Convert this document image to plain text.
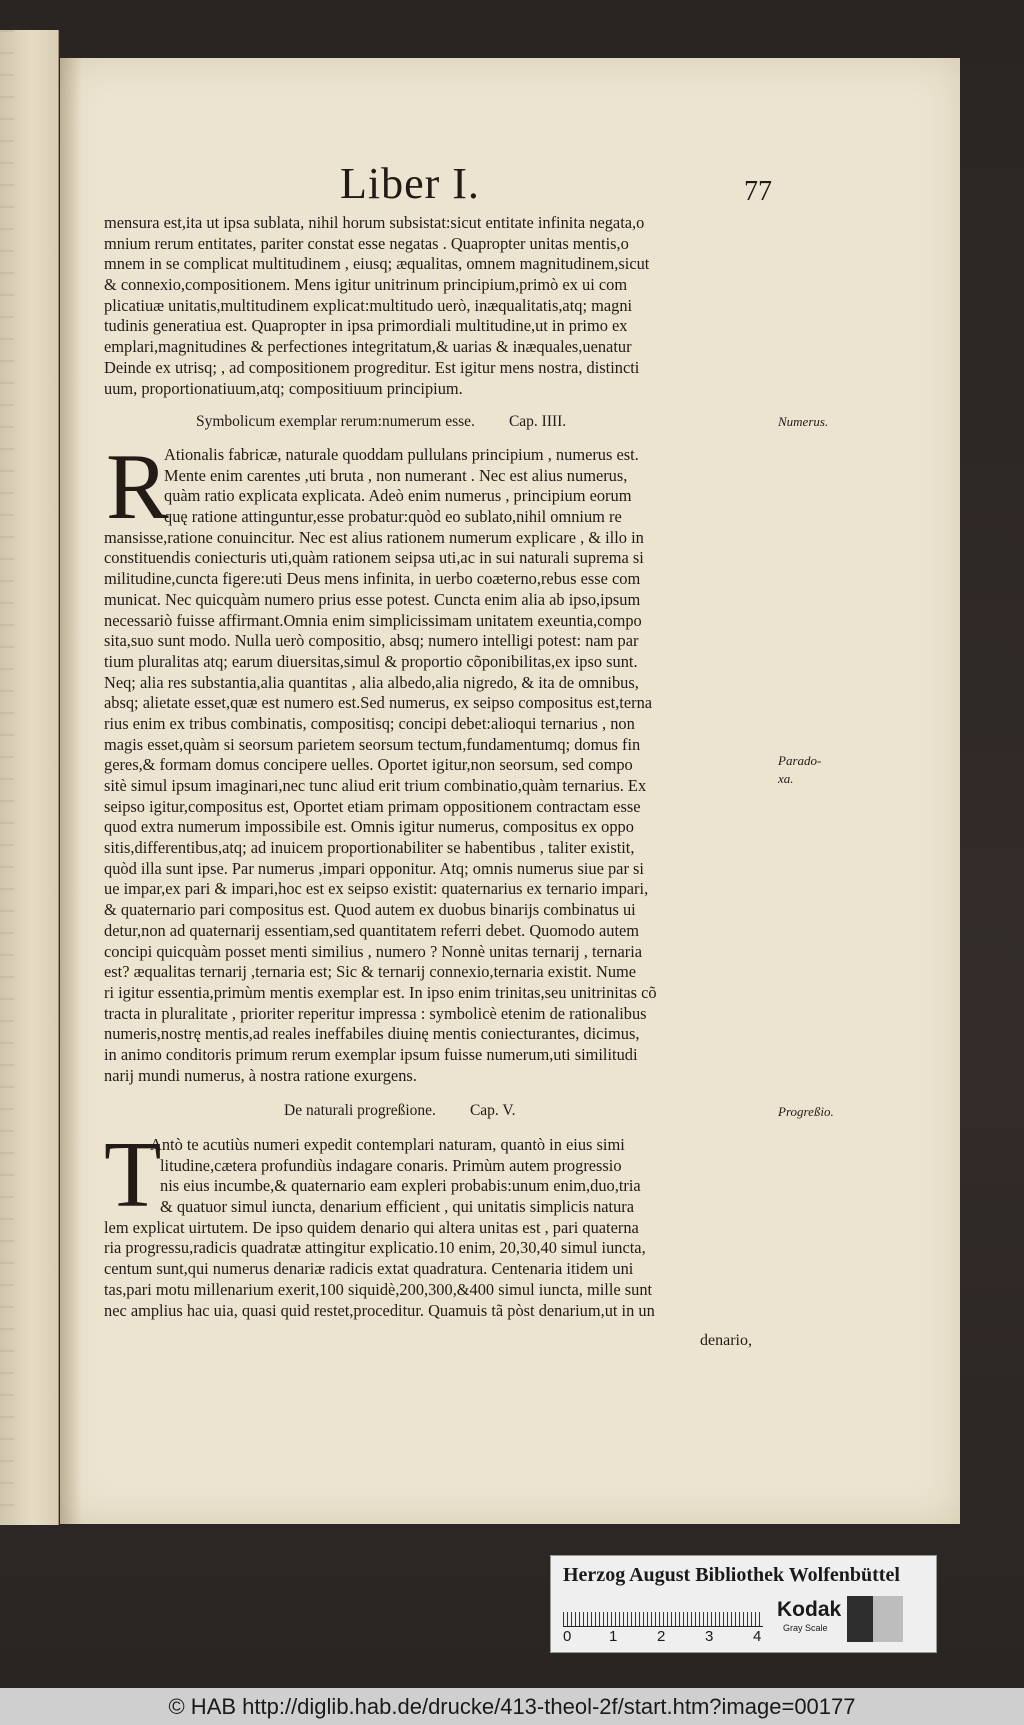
Liber I.	77
mensura est,ita ut ipsa sublata, nihil horum subsistat:sicut entitate infinita negata,o
mnium rerum entitates, pariter constat esse negatas . Quapropter unitas mentis,o
mnem in se complicat multitudinem , eiusq; æqualitas, omnem magnitudinem,sicut
& connexio,compositionem. Mens igitur unitrinum principium,primò ex ui com
plicatiuæ unitatis,multitudinem explicat:multitudo uerò, inæqualitatis,atq; magni
tudinis generatiua est. Quapropter in ipsa primordiali multitudine,ut in primo ex
emplari,magnitudines & perfectiones integritatum,& uarias & inæquales,uenatur
Deinde ex utrisq; , ad compositionem progreditur. Est igitur mens nostra, distincti
uum, proportionatiuum,atq; compositiuum principium.
Symbolicum exemplar rerum:numerum esse. Cap. IIII.	Numerus.
R
Ationalis fabricæ, naturale quoddam pullulans principium , numerus est.
Mente enim carentes ,uti bruta , non numerant . Nec est alius numerus,
quàm ratio explicata explicata. Adeò enim numerus , principium eorum
quę ratione attinguntur,esse probatur:quòd eo sublato,nihil omnium re
mansisse,ratione conuincitur. Nec est alius rationem numerum explicare , & illo in
constituendis coniecturis uti,quàm rationem seipsa uti,ac in sui naturali suprema si
militudine,cuncta figere:uti Deus mens infinita, in uerbo coæterno,rebus esse com
municat. Nec quicquàm numero prius esse potest. Cuncta enim alia ab ipso,ipsum
necessariò fuisse affirmant.Omnia enim simplicissimam unitatem exeuntia,compo
sita,suo sunt modo. Nulla uerò compositio, absq; numero intelligi potest: nam par
tium pluralitas atq; earum diuersitas,simul & proportio cõponibilitas,ex ipso sunt.
Neq; alia res substantia,alia quantitas , alia albedo,alia nigredo, & ita de omnibus,
absq; alietate esset,quæ est numero est.Sed numerus, ex seipso compositus est,terna
rius enim ex tribus combinatis, compositisq; concipi debet:alioqui ternarius , non
magis esset,quàm si seorsum parietem seorsum tectum,fundamentumq; domus fin
geres,& formam domus concipere uelles. Oportet igitur,non seorsum, sed compo
sitè simul ipsum imaginari,nec tunc aliud erit trium combinatio,quàm ternarius. Ex
seipso igitur,compositus est, Oportet etiam primam oppositionem contractam esse
quod extra numerum impossibile est. Omnis igitur numerus, compositus ex oppo
sitis,differentibus,atq; ad inuicem proportionabiliter se habentibus , taliter existit,
quòd illa sunt ipse. Par numerus ,impari opponitur. Atq; omnis numerus siue par si
ue impar,ex pari & impari,hoc est ex seipso existit: quaternarius ex ternario impari,
& quaternario pari compositus est. Quod autem ex duobus binarijs combinatus ui
detur,non ad quaternarij essentiam,sed quantitatem referri debet. Quomodo autem
concipi quicquàm posset menti similius , numero ? Nonnè unitas ternarij , ternaria
est? æqualitas ternarij ,ternaria est; Sic & ternarij connexio,ternaria existit. Nume
ri igitur essentia,primùm mentis exemplar est. In ipso enim trinitas,seu unitrinitas cõ
tracta in pluralitate , prioriter reperitur impressa : symbolicè etenim de rationalibus
numeris,nostrę mentis,ad reales ineffabiles diuinę mentis coniecturantes, dicimus,
in animo conditoris primum rerum exemplar ipsum fuisse numerum,uti similitudi
narij mundi numerus, à nostra ratione exurgens.
Parado-
xa.
De naturali progreßione. Cap. V.	Progreßio.
T
Antò te acutiùs numeri expedit contemplari naturam, quantò in eius simi
litudine,cætera profundiùs indagare conaris. Primùm autem progressio
nis eius incumbe,& quaternario eam expleri probabis:unum enim,duo,tria
& quatuor simul iuncta, denarium efficient , qui unitatis simplicis natura
lem explicat uirtutem. De ipso quidem denario qui altera unitas est , pari quaterna
ria progressu,radicis quadratæ attingitur explicatio.10 enim, 20,30,40 simul iuncta,
centum sunt,qui numerus denariæ radicis extat quadratura. Centenaria itidem uni
tas,pari motu millenarium exerit,100 siquidè,200,300,&400 simul iuncta, mille sunt
nec amplius hac uia, quasi quid restet,proceditur. Quamuis tã pòst denarium,ut in un
denario,
Herzog August Bibliothek Wolfenbüttel
0	1	2	3	4
Kodak
Gray Scale
© HAB http://diglib.hab.de/drucke/413-theol-2f/start.htm?image=00177
